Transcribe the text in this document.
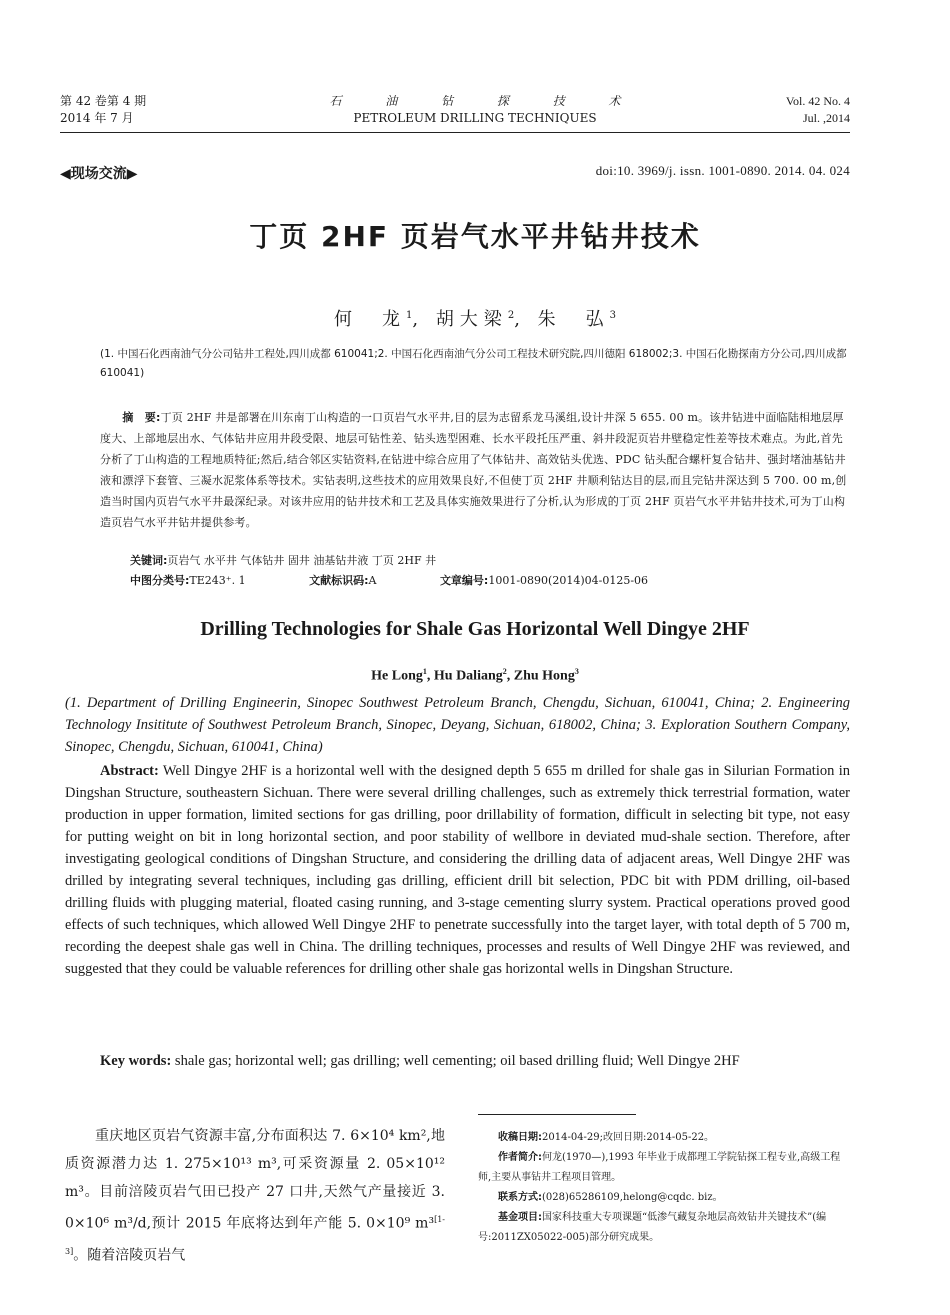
第 42 卷第 4 期
2014 年 7 月
石 油 钻 探 技 术
PETROLEUM DRILLING TECHNIQUES
Vol. 42 No. 4
Jul. ,2014
◀现场交流▶	doi:10. 3969/j. issn. 1001-0890. 2014. 04. 024
丁页 2HF 页岩气水平井钻井技术
何　龙$^1$, 胡大梁$^2$, 朱　弘$^3$
(1. 中国石化西南油气分公司钻井工程处,四川成都 610041;2. 中国石化西南油气分公司工程技术研究院,四川德阳 618002;3. 中国石化勘探南方分公司,四川成都 610041)
  摘　要:丁页 2HF 井是部署在川东南丁山构造的一口页岩气水平井,目的层为志留系龙马溪组,设计井深 5 655. 00 m。该井钻进中面临陆相地层厚度大、上部地层出水、气体钻井应用井段受限、地层可钻性差、钻头选型困难、长水平段托压严重、斜井段泥页岩井壁稳定性差等技术难点。为此,首先分析了丁山构造的工程地质特征;然后,结合邻区实钻资料,在钻进中综合应用了气体钻井、高效钻头优选、PDC 钻头配合螺杆复合钻井、强封堵油基钻井液和漂浮下套管、三凝水泥浆体系等技术。实钻表明,这些技术的应用效果良好,不但使丁页 2HF 井顺利钻达目的层,而且完钻井深达到 5 700. 00 m,创造当时国内页岩气水平井最深纪录。对该井应用的钻井技术和工艺及具体实施效果进行了分析,认为形成的丁页 2HF 页岩气水平井钻井技术,可为丁山构造页岩气水平井钻井提供参考。
关键词:页岩气 水平井 气体钻井 固井 油基钻井液 丁页 2HF 井
中图分类号:TE243⁺. 1	文献标识码:A	文章编号:1001-0890(2014)04-0125-06
Drilling Technologies for Shale Gas Horizontal Well Dingye 2HF
He Long$^1$, Hu Daliang$^2$, Zhu Hong$^3$
(1. Department of Drilling Engineerin, Sinopec Southwest Petroleum Branch, Chengdu, Sichuan, 610041, China; 2. Engineering Technology Insititute of Southwest Petroleum Branch, Sinopec, Deyang, Sichuan, 618002, China; 3. Exploration Southern Company, Sinopec, Chengdu, Sichuan, 610041, China)
Abstract: Well Dingye 2HF is a horizontal well with the designed depth 5 655 m drilled for shale gas in Silurian Formation in Dingshan Structure, southeastern Sichuan. There were several drilling challenges, such as extremely thick terrestrial formation, water production in upper formation, limited sections for gas drilling, poor drillability of formation, difficult in selecting bit type, not easy for putting weight on bit in long horizontal section, and poor stability of wellbore in deviated mud-shale section. Therefore, after investigating geological conditions of Dingshan Structure, and considering the drilling data of adjacent areas, Well Dingye 2HF was drilled by integrating several techniques, including gas drilling, efficient drill bit selection, PDC bit with PDM drilling, oil-based drilling fluids with plugging material, floated casing running, and 3-stage cementing slurry system. Practical operations proved good effects of such techniques, which allowed Well Dingye 2HF to penetrate successfully into the target layer, with total depth of 5 700 m, recording the deepest shale gas well in China. The drilling techniques, processes and results of Well Dingye 2HF was reviewed, and suggested that they could be valuable references for drilling other shale gas horizontal wells in Dingshan Structure.
Key words: shale gas; horizontal well; gas drilling; well cementing; oil based drilling fluid; Well Dingye 2HF
重庆地区页岩气资源丰富,分布面积达 7. 6×10⁴ km²,地质资源潜力达 1. 275×10¹³ m³,可采资源量 2. 05×10¹² m³。目前涪陵页岩气田已投产 27 口井,天然气产量接近 3. 0×10⁶ m³/d,预计 2015 年底将达到年产能 5. 0×10⁹ m³[1-3]。随着涪陵页岩气
收稿日期:2014-04-29;改回日期:2014-05-22。
作者简介:何龙(1970—),1993 年毕业于成都理工学院钻探工程专业,高级工程师,主要从事钻井工程项目管理。
联系方式:(028)65286109,helong@cqdc. biz。
基金项目:国家科技重大专项课题“低渗气藏复杂地层高效钻井关键技术”(编号:2011ZX05022-005)部分研究成果。
